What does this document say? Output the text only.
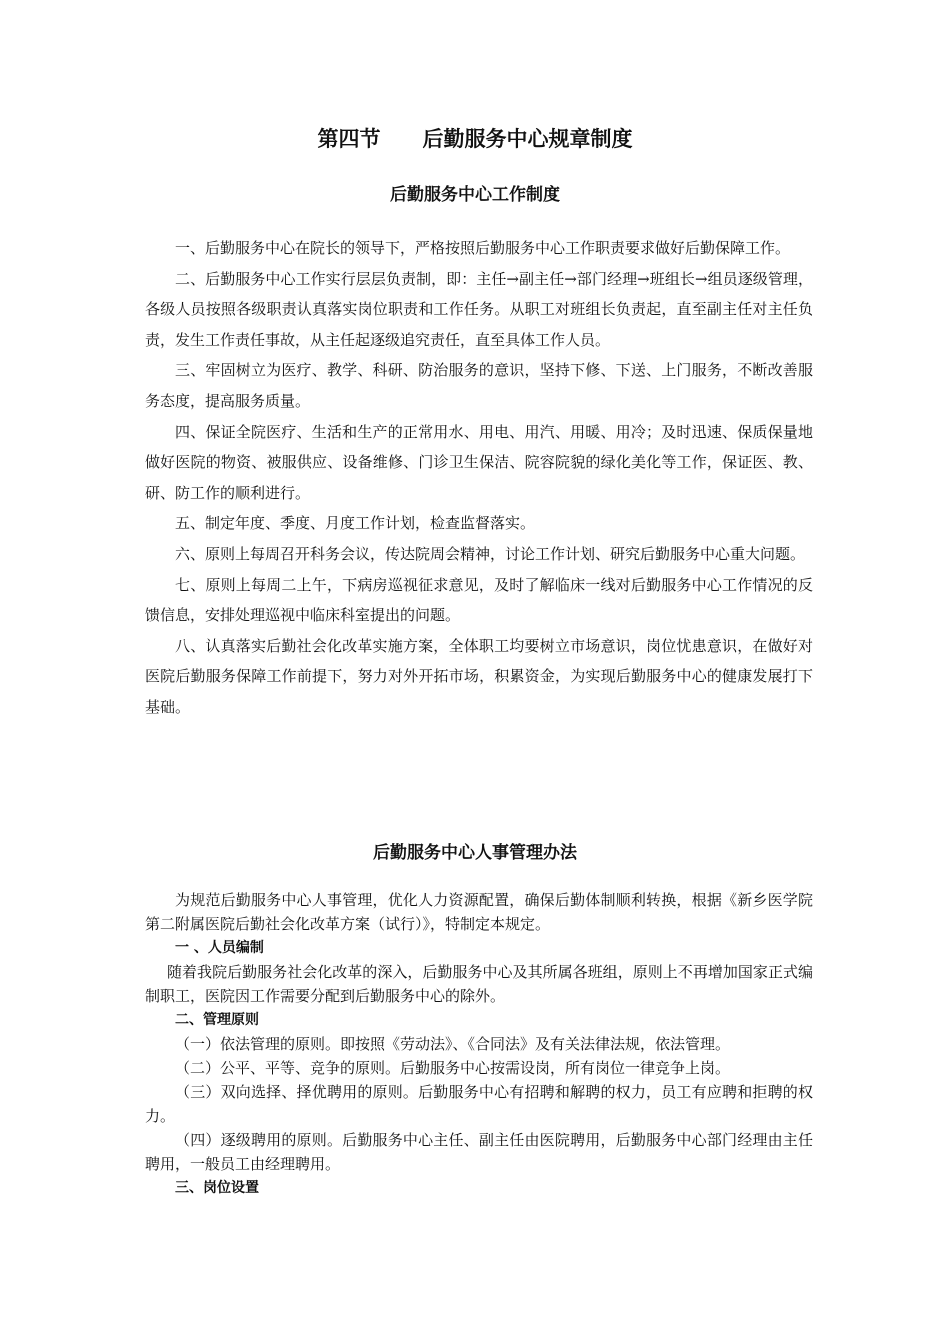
第四节　　后勤服务中心规章制度
后勤服务中心工作制度

一、后勤服务中心在院长的领导下，严格按照后勤服务中心工作职责要求做好后勤保障工作。

二、后勤服务中心工作实行层层负责制，即：主任→副主任→部门经理→班组长→组员逐级管理，各级人员按照各级职责认真落实岗位职责和工作任务。从职工对班组长负责起，直至副主任对主任负责，发生工作责任事故，从主任起逐级追究责任，直至具体工作人员。

三、牢固树立为医疗、教学、科研、防治服务的意识，坚持下修、下送、上门服务，不断改善服务态度，提高服务质量。

四、保证全院医疗、生活和生产的正常用水、用电、用汽、用暖、用冷；及时迅速、保质保量地做好医院的物资、被服供应、设备维修、门诊卫生保洁、院容院貌的绿化美化等工作，保证医、教、研、防工作的顺利进行。

五、制定年度、季度、月度工作计划，检查监督落实。

六、原则上每周召开科务会议，传达院周会精神，讨论工作计划、研究后勤服务中心重大问题。

七、原则上每周二上午，下病房巡视征求意见，及时了解临床一线对后勤服务中心工作情况的反馈信息，安排处理巡视中临床科室提出的问题。

八、认真落实后勤社会化改革实施方案，全体职工均要树立市场意识，岗位忧患意识，在做好对医院后勤服务保障工作前提下，努力对外开拓市场，积累资金，为实现后勤服务中心的健康发展打下基础。

后勤服务中心人事管理办法

为规范后勤服务中心人事管理，优化人力资源配置，确保后勤体制顺利转换，根据《新乡医学院第二附属医院后勤社会化改革方案（试行）》，特制定本规定。

一 、人员编制

随着我院后勤服务社会化改革的深入，后勤服务中心及其所属各班组，原则上不再增加国家正式编制职工，医院因工作需要分配到后勤服务中心的除外。

二、管理原则

（一）依法管理的原则。即按照《劳动法》、《合同法》及有关法律法规，依法管理。

（二）公平、平等、竞争的原则。后勤服务中心按需设岗，所有岗位一律竞争上岗。

（三）双向选择、择优聘用的原则。后勤服务中心有招聘和解聘的权力，员工有应聘和拒聘的权力。

（四）逐级聘用的原则。后勤服务中心主任、副主任由医院聘用，后勤服务中心部门经理由主任聘用，一般员工由经理聘用。

三、岗位设置
